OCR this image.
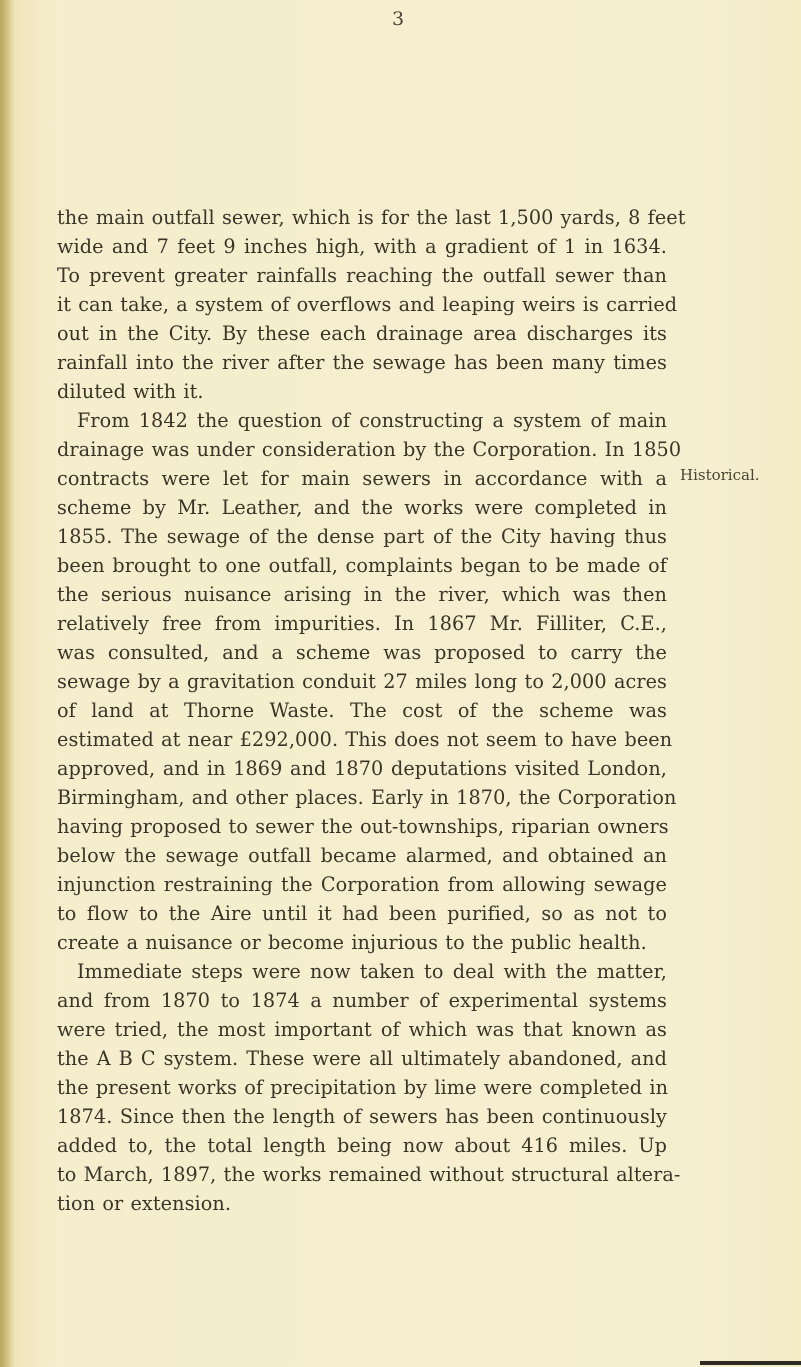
3
Historical.
the main outfall sewer, which is for the last 1,500 yards, 8 feet
wide and 7 feet 9 inches high, with a gradient of 1 in 1634.
To prevent greater rainfalls reaching the outfall sewer than
it can take, a system of overflows and leaping weirs is carried
out in the City. By these each drainage area discharges its
rainfall into the river after the sewage has been many times
diluted with it.
From 1842 the question of constructing a system of main
drainage was under consideration by the Corporation. In 1850
contracts were let for main sewers in accordance with a
scheme by Mr. Leather, and the works were completed in
1855. The sewage of the dense part of the City having thus
been brought to one outfall, complaints began to be made of
the serious nuisance arising in the river, which was then
relatively free from impurities. In 1867 Mr. Filliter, C.E.,
was consulted, and a scheme was proposed to carry the
sewage by a gravitation conduit 27 miles long to 2,000 acres
of land at Thorne Waste. The cost of the scheme was
estimated at near £292,000. This does not seem to have been
approved, and in 1869 and 1870 deputations visited London,
Birmingham, and other places. Early in 1870, the Corporation
having proposed to sewer the out-townships, riparian owners
below the sewage outfall became alarmed, and obtained an
injunction restraining the Corporation from allowing sewage
to flow to the Aire until it had been purified, so as not to
create a nuisance or become injurious to the public health.
Immediate steps were now taken to deal with the matter,
and from 1870 to 1874 a number of experimental systems
were tried, the most important of which was that known as
the A B C system. These were all ultimately abandoned, and
the present works of precipitation by lime were completed in
1874. Since then the length of sewers has been continuously
added to, the total length being now about 416 miles. Up
to March, 1897, the works remained without structural altera-
tion or extension.
